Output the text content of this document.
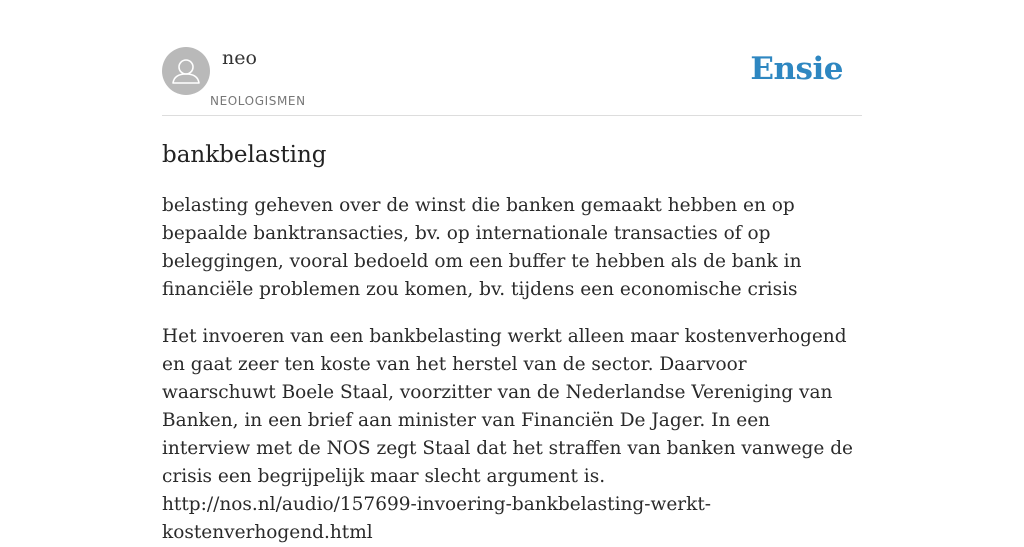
neo
NEOLOGISMEN
Ensie
bankbelasting

belasting geheven over de winst die banken gemaakt hebben en op bepaalde banktransacties, bv. op internationale transacties of op beleggingen, vooral bedoeld om een buffer te hebben als de bank in financiële problemen zou komen, bv. tijdens een economische crisis

Het invoeren van een bankbelasting werkt alleen maar kostenverhogend en gaat zeer ten koste van het herstel van de sector. Daarvoor waarschuwt Boele Staal, voorzitter van de Nederlandse Vereniging van Banken, in een brief aan minister van Financiën De Jager. In een interview met de NOS zegt Staal dat het straffen van banken vanwege de crisis een begrijpelijk maar slecht argument is. http://nos.nl/audio/157699-invoering-bankbelasting-werkt-kostenverhogend.html
